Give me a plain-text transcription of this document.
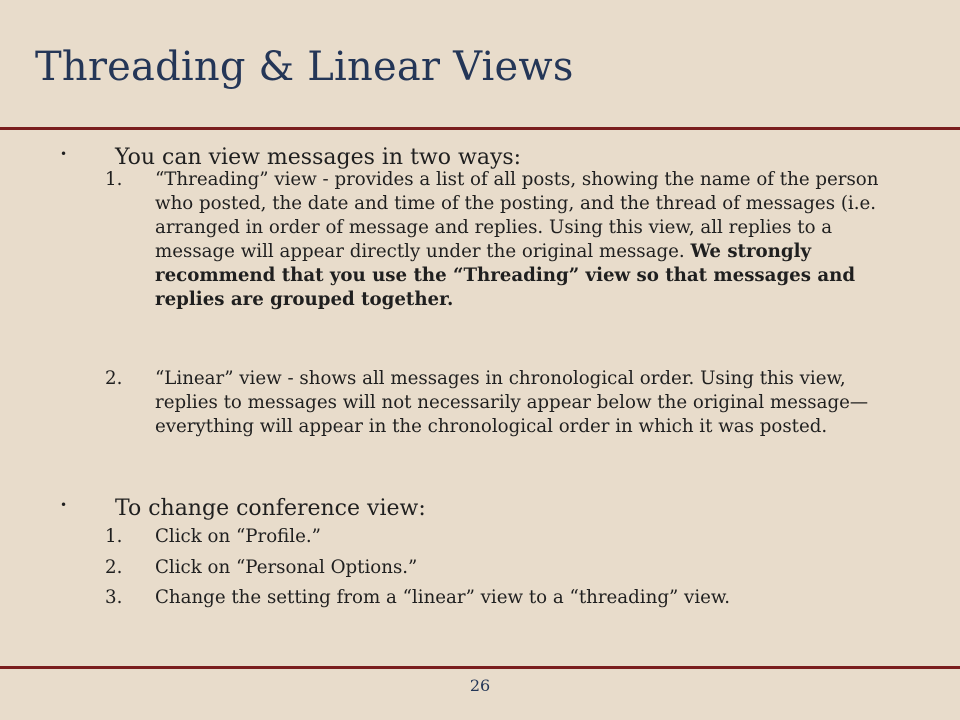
Threading & Linear Views
• You can view messages in two ways:
1.	“Threading” view - provides a list of all posts, showing the name of the person who posted, the date and time of the posting, and the thread of messages (i.e. arranged in order of message and replies. Using this view, all replies to a message will appear directly under the original message. We strongly recommend that you use the “Threading” view so that messages and replies are grouped together.
2.	“Linear” view - shows all messages in chronological order. Using this view, replies to messages will not necessarily appear below the original message—everything will appear in the chronological order in which it was posted.
• To change conference view:
1.	Click on “Profile.”
2.	Click on “Personal Options.”
3.	Change the setting from a “linear” view to a “threading” view.
26
